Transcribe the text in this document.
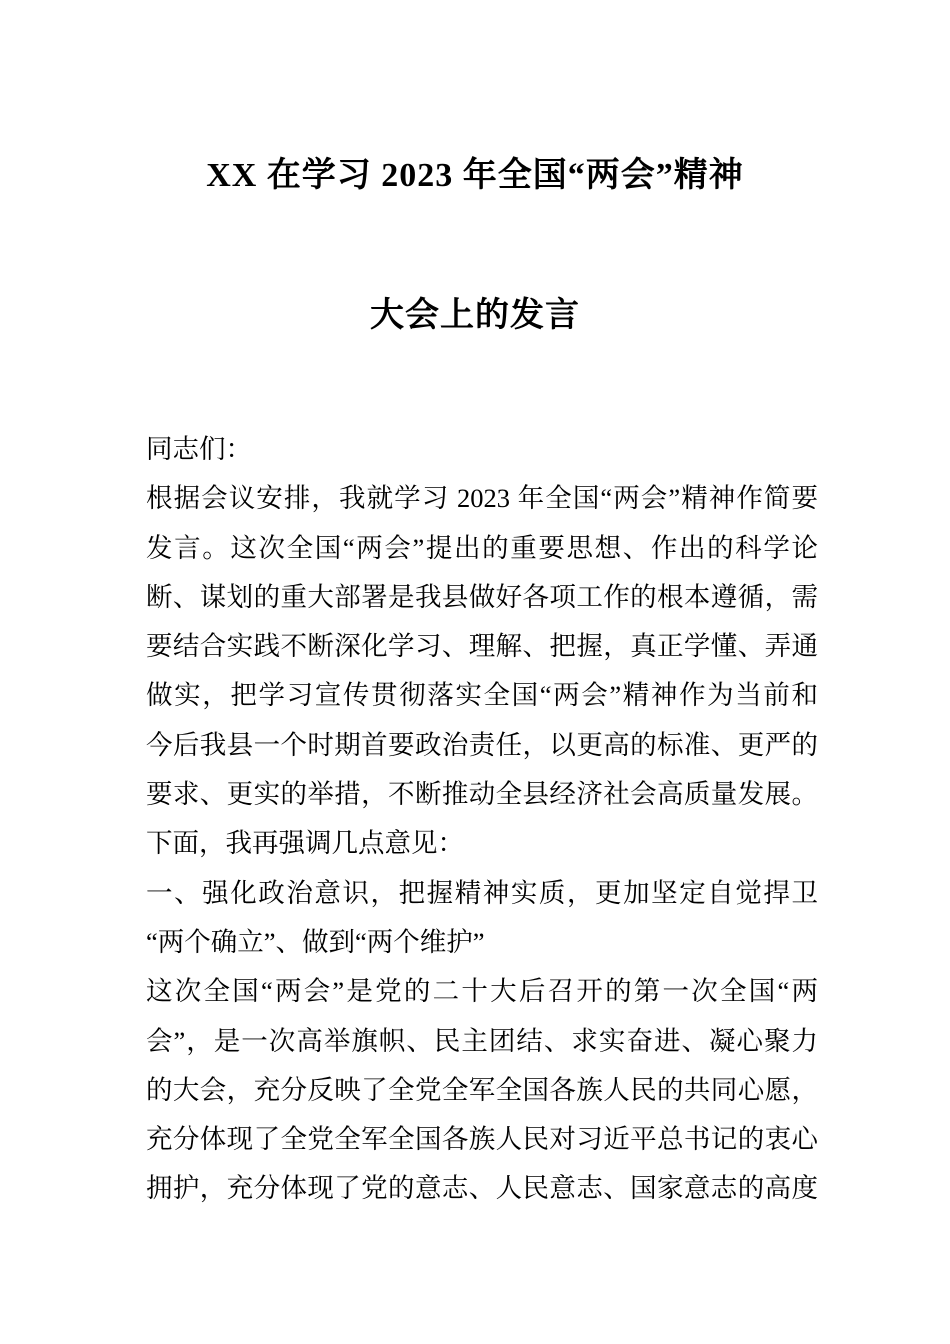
XX 在学习 2023 年全国“两会”精神
大会上的发言
同志们：
根据会议安排，我就学习 2023 年全国“两会”精神作简要
发言。这次全国“两会”提出的重要思想、作出的科学论
断、谋划的重大部署是我县做好各项工作的根本遵循，需
要结合实践不断深化学习、理解、把握，真正学懂、弄通
做实，把学习宣传贯彻落实全国“两会”精神作为当前和
今后我县一个时期首要政治责任，以更高的标准、更严的
要求、更实的举措，不断推动全县经济社会高质量发展。
下面，我再强调几点意见：
一、强化政治意识，把握精神实质，更加坚定自觉捍卫
“两个确立”、做到“两个维护”
这次全国“两会”是党的二十大后召开的第一次全国“两
会”，是一次高举旗帜、民主团结、求实奋进、凝心聚力
的大会，充分反映了全党全军全国各族人民的共同心愿，
充分体现了全党全军全国各族人民对习近平总书记的衷心
拥护，充分体现了党的意志、人民意志、国家意志的高度
